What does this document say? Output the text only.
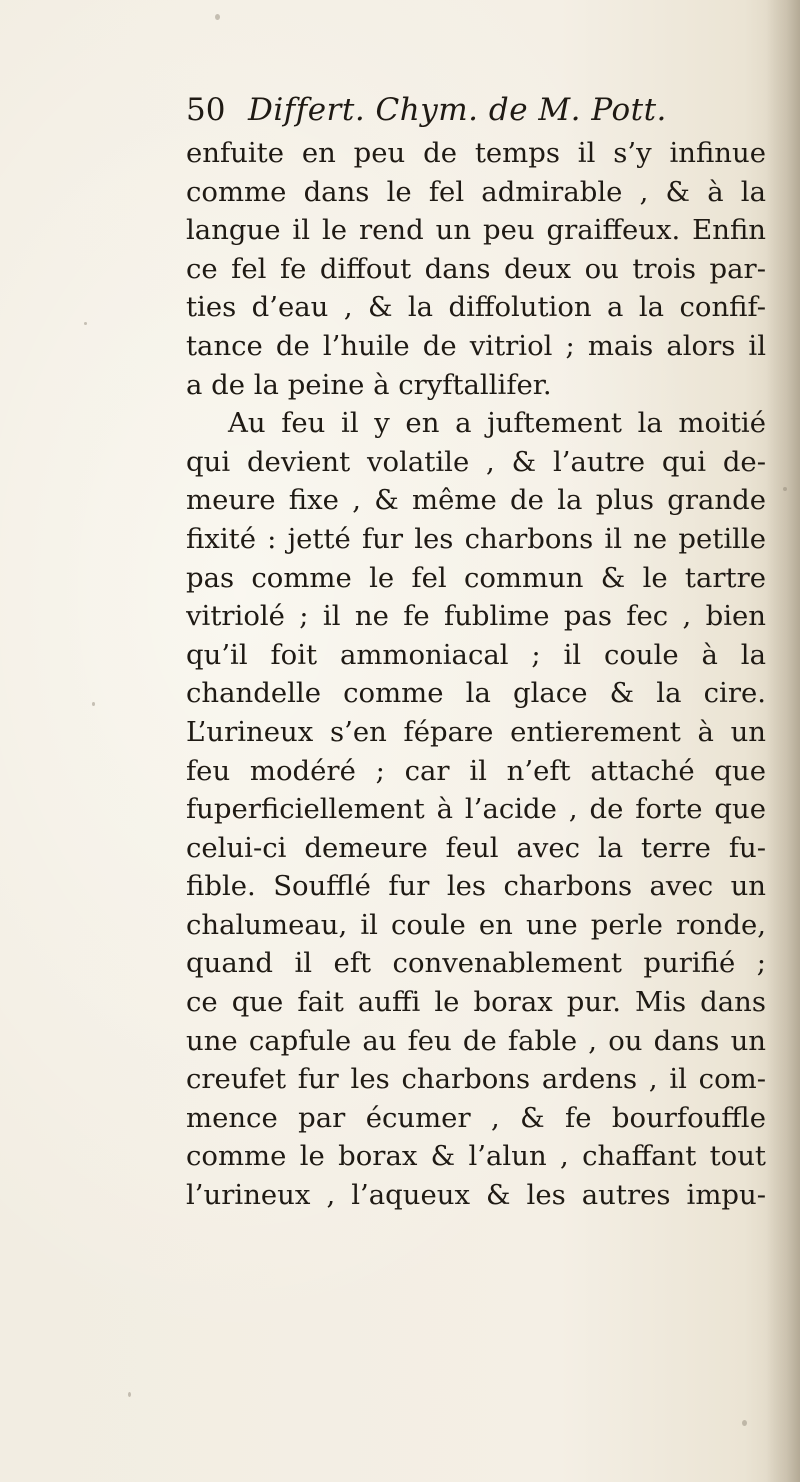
50 Differt. Chym. de M. Pott.
enfuite en peu de temps il s’y infinue
comme dans le fel admirable , & à la
langue il le rend un peu graiffeux. Enfin
ce fel fe diffout dans deux ou trois par-
ties d’eau , & la diffolution a la confif-
tance de l’huile de vitriol ; mais alors il
a de la peine à cryftallifer.
Au feu il y en a juftement la moitié
qui devient volatile , & l’autre qui de-
meure fixe , & même de la plus grande
fixité : jetté fur les charbons il ne petille
pas comme le fel commun & le tartre
vitriolé ; il ne fe fublime pas fec , bien
qu’il foit ammoniacal ; il coule à la
chandelle comme la glace & la cire.
L’urineux s’en fépare entierement à un
feu modéré ; car il n’eft attaché que
fuperficiellement à l’acide , de forte que
celui-ci demeure feul avec la terre fu-
fible. Soufflé fur les charbons avec un
chalumeau, il coule en une perle ronde,
quand il eft convenablement purifié ;
ce que fait auffi le borax pur. Mis dans
une capfule au feu de fable , ou dans un
creufet fur les charbons ardens , il com-
mence par écumer , & fe bourfouffle
comme le borax & l’alun , chaffant tout
l’urineux , l’aqueux & les autres impu-
